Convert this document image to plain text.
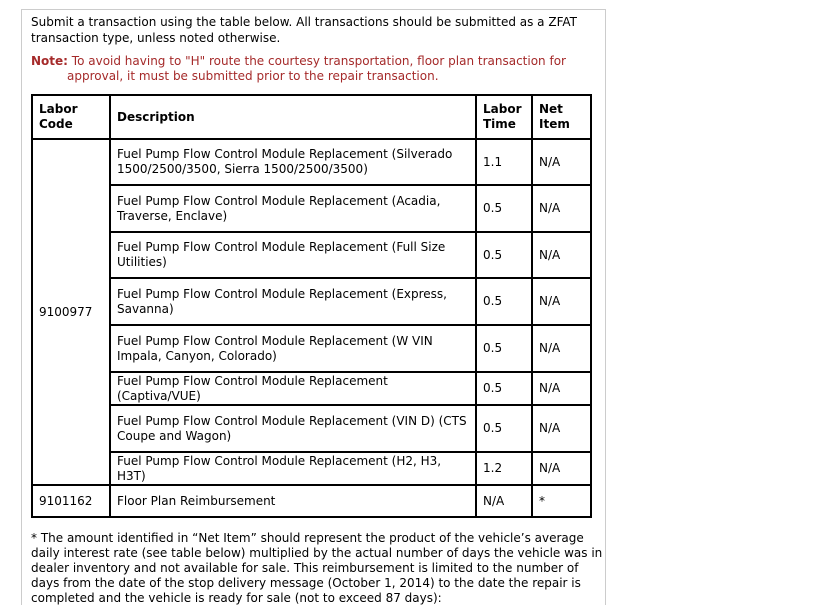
Submit a transaction using the table below. All transactions should be submitted as a ZFAT transaction type, unless noted otherwise.
Note: To avoid having to "H" route the courtesy transportation, floor plan transaction for
approval, it must be submitted prior to the repair transaction.
Labor Code	Description	Labor Time	Net Item
9100977	Fuel Pump Flow Control Module Replacement (Silverado 1500/2500/3500, Sierra 1500/2500/3500)	1.1	N/A
	Fuel Pump Flow Control Module Replacement (Acadia, Traverse, Enclave)	0.5	N/A
	Fuel Pump Flow Control Module Replacement (Full Size Utilities)	0.5	N/A
	Fuel Pump Flow Control Module Replacement (Express, Savanna)	0.5	N/A
	Fuel Pump Flow Control Module Replacement (W VIN Impala, Canyon, Colorado)	0.5	N/A
	Fuel Pump Flow Control Module Replacement (Captiva/VUE)	0.5	N/A
	Fuel Pump Flow Control Module Replacement (VIN D) (CTS Coupe and Wagon)	0.5	N/A
	Fuel Pump Flow Control Module Replacement (H2, H3, H3T)	1.2	N/A
9101162	Floor Plan Reimbursement	N/A	*
* The amount identified in “Net Item” should represent the product of the vehicle’s average daily interest rate (see table below) multiplied by the actual number of days the vehicle was in dealer inventory and not available for sale. This reimbursement is limited to the number of days from the date of the stop delivery message (October 1, 2014) to the date the repair is completed and the vehicle is ready for sale (not to exceed 87 days):
